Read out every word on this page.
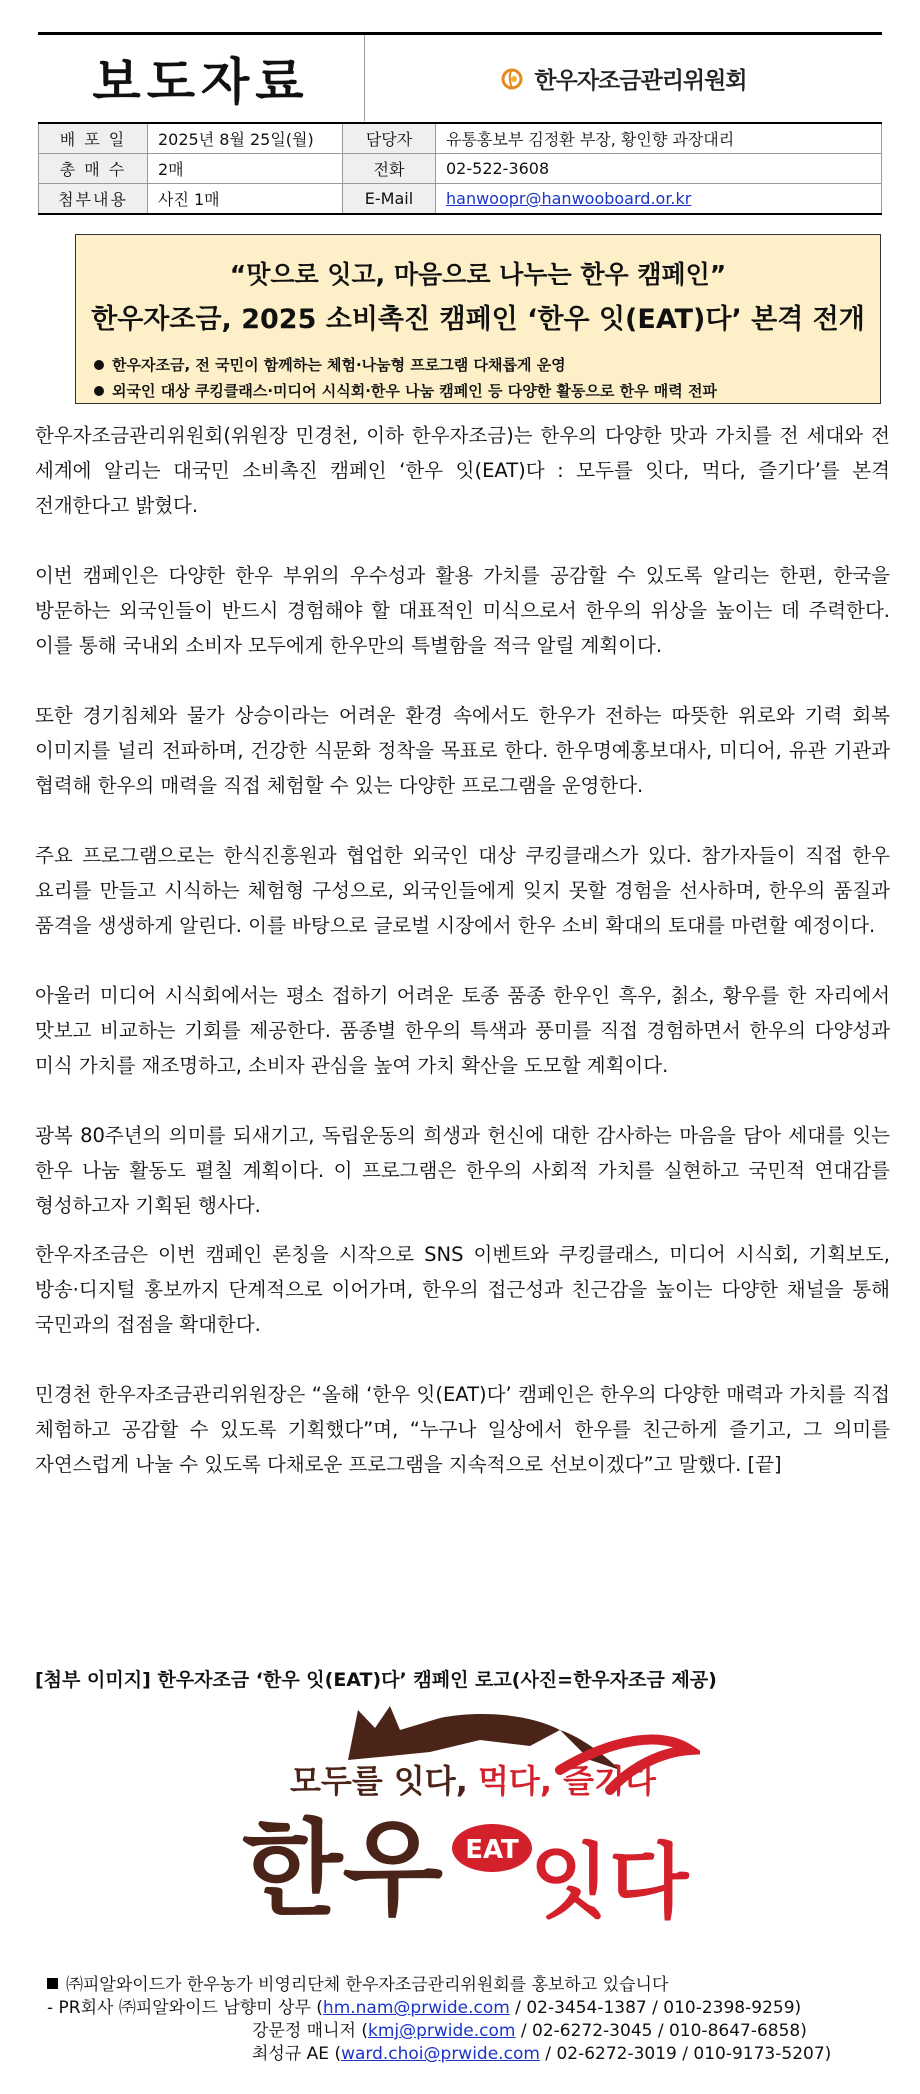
보도자료	한우자조금관리위원회
배 포 일	2025년 8월 25일(월)	담당자	유통홍보부 김정환 부장, 황인향 과장대리
총 매 수	2매	전화	02-522-3608
첨부내용	사진 1매	E-Mail	hanwoopr@hanwooboard.or.kr
“맛으로 잇고, 마음으로 나누는 한우 캠페인”
한우자조금, 2025 소비촉진 캠페인 ‘한우 잇(EAT)다’ 본격 전개
한우자조금, 전 국민이 함께하는 체험·나눔형 프로그램 다채롭게 운영
외국인 대상 쿠킹클래스·미디어 시식회·한우 나눔 캠페인 등 다양한 활동으로 한우 매력 전파

한우자조금관리위원회(위원장 민경천, 이하 한우자조금)는 한우의 다양한 맛과 가치를 전 세대와 전 세계에 알리는 대국민 소비촉진 캠페인 ‘한우 잇(EAT)다 : 모두를 잇다, 먹다, 즐기다’를 본격 전개한다고 밝혔다.

이번 캠페인은 다양한 한우 부위의 우수성과 활용 가치를 공감할 수 있도록 알리는 한편, 한국을 방문하는 외국인들이 반드시 경험해야 할 대표적인 미식으로서 한우의 위상을 높이는 데 주력한다. 이를 통해 국내외 소비자 모두에게 한우만의 특별함을 적극 알릴 계획이다.

또한 경기침체와 물가 상승이라는 어려운 환경 속에서도 한우가 전하는 따뜻한 위로와 기력 회복 이미지를 널리 전파하며, 건강한 식문화 정착을 목표로 한다. 한우명예홍보대사, 미디어, 유관 기관과 협력해 한우의 매력을 직접 체험할 수 있는 다양한 프로그램을 운영한다.

주요 프로그램으로는 한식진흥원과 협업한 외국인 대상 쿠킹클래스가 있다. 참가자들이 직접 한우 요리를 만들고 시식하는 체험형 구성으로, 외국인들에게 잊지 못할 경험을 선사하며, 한우의 품질과 품격을 생생하게 알린다. 이를 바탕으로 글로벌 시장에서 한우 소비 확대의 토대를 마련할 예정이다.

아울러 미디어 시식회에서는 평소 접하기 어려운 토종 품종 한우인 흑우, 칡소, 황우를 한 자리에서 맛보고 비교하는 기회를 제공한다. 품종별 한우의 특색과 풍미를 직접 경험하면서 한우의 다양성과 미식 가치를 재조명하고, 소비자 관심을 높여 가치 확산을 도모할 계획이다.

광복 80주년의 의미를 되새기고, 독립운동의 희생과 헌신에 대한 감사하는 마음을 담아 세대를 잇는 한우 나눔 활동도 펼칠 계획이다. 이 프로그램은 한우의 사회적 가치를 실현하고 국민적 연대감를 형성하고자 기획된 행사다.

한우자조금은 이번 캠페인 론칭을 시작으로 SNS 이벤트와 쿠킹클래스, 미디어 시식회, 기획보도, 방송·디지털 홍보까지 단계적으로 이어가며, 한우의 접근성과 친근감을 높이는 다양한 채널을 통해 국민과의 접점을 확대한다.

민경천 한우자조금관리위원장은 “올해 ‘한우 잇(EAT)다’ 캠페인은 한우의 다양한 매력과 가치를 직접 체험하고 공감할 수 있도록 기획했다”며, “누구나 일상에서 한우를 친근하게 즐기고, 그 의미를 자연스럽게 나눌 수 있도록 다채로운 프로그램을 지속적으로 선보이겠다”고 말했다. [끝]

[첨부 이미지] 한우자조금 ‘한우 잇(EAT)다’ 캠페인 로고(사진=한우자조금 제공)
모두를 잇다, 먹다, 즐기다
한우 EAT 잇다
㈜피알와이드가 한우농가 비영리단체 한우자조금관리위원회를 홍보하고 있습니다
- PR회사 ㈜피알와이드 남향미 상무 (hm.nam@prwide.com / 02-3454-1387 / 010-2398-9259)
강문정 매니저 (kmj@prwide.com / 02-6272-3045 / 010-8647-6858)
최성규 AE (ward.choi@prwide.com / 02-6272-3019 / 010-9173-5207)
